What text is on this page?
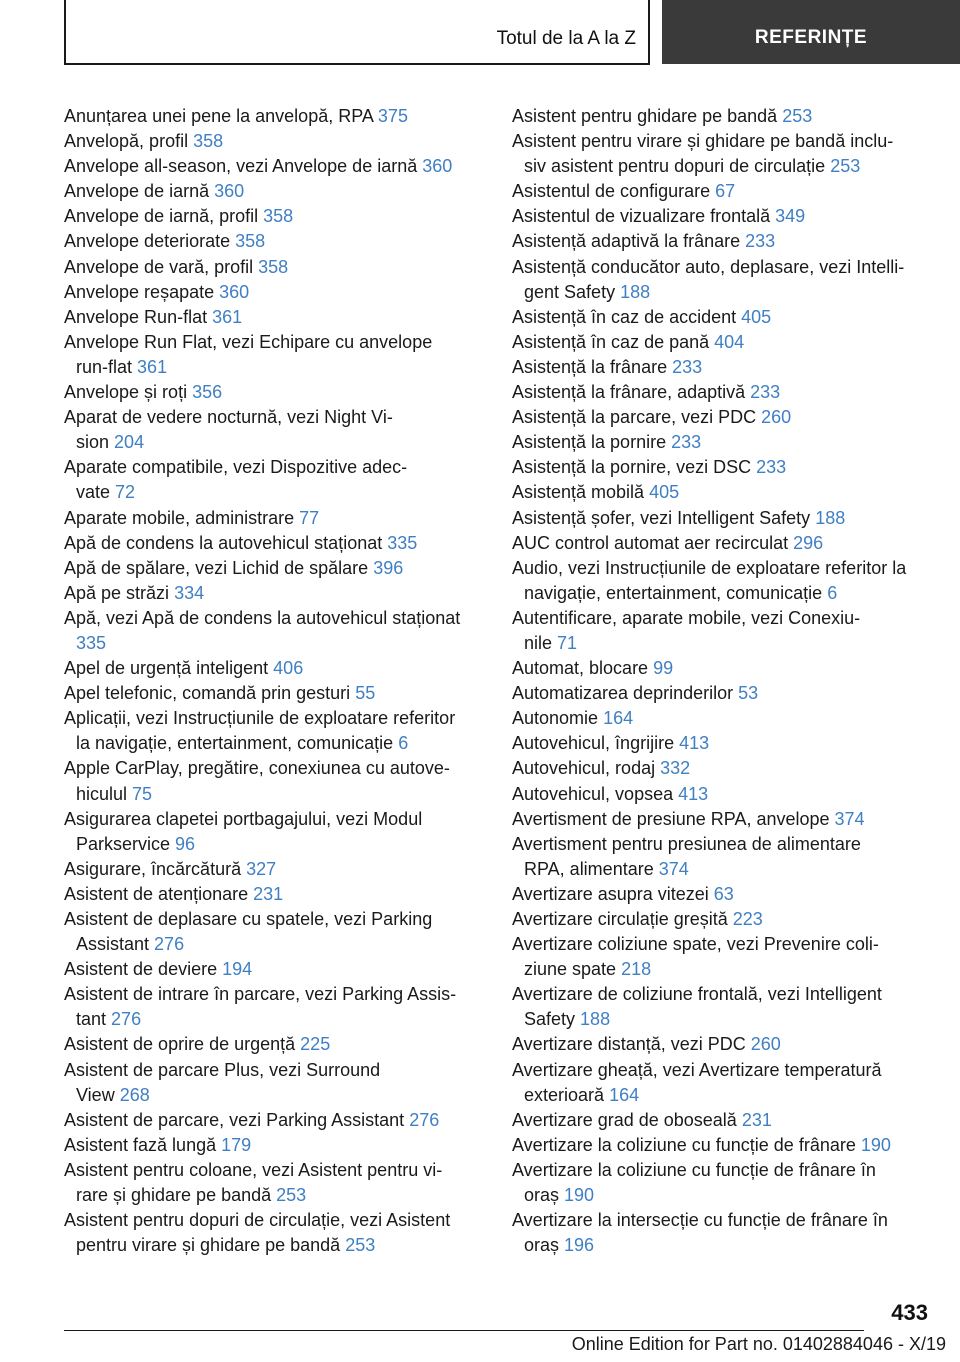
Totul de la A la Z	REFERINȚE
Anunțarea unei pene la anvelopă, RPA 375
Anvelopă, profil 358
Anvelope all-season, vezi Anvelope de iarnă 360
Anvelope de iarnă 360
Anvelope de iarnă, profil 358
Anvelope deteriorate 358
Anvelope de vară, profil 358
Anvelope reșapate 360
Anvelope Run-flat 361
Anvelope Run Flat, vezi Echipare cu anvelope
run-flat 361
Anvelope și roți 356
Aparat de vedere nocturnă, vezi Night Vi-
sion 204
Aparate compatibile, vezi Dispozitive adec-
vate 72
Aparate mobile, administrare 77
Apă de condens la autovehicul staționat 335
Apă de spălare, vezi Lichid de spălare 396
Apă pe străzi 334
Apă, vezi Apă de condens la autovehicul staționat 335
Apel de urgență inteligent 406
Apel telefonic, comandă prin gesturi 55
Aplicații, vezi Instrucțiunile de exploatare referitor
la navigație, entertainment, comunicație 6
Apple CarPlay, pregătire, conexiunea cu autove-
hiculul 75
Asigurarea clapetei portbagajului, vezi Modul
Parkservice 96
Asigurare, încărcătură 327
Asistent de atenționare 231
Asistent de deplasare cu spatele, vezi Parking
Assistant 276
Asistent de deviere 194
Asistent de intrare în parcare, vezi Parking Assis-
tant 276
Asistent de oprire de urgență 225
Asistent de parcare Plus, vezi Surround
View 268
Asistent de parcare, vezi Parking Assistant 276
Asistent fază lungă 179
Asistent pentru coloane, vezi Asistent pentru vi-
rare și ghidare pe bandă 253
Asistent pentru dopuri de circulație, vezi Asistent
pentru virare și ghidare pe bandă 253
Asistent pentru ghidare pe bandă 253
Asistent pentru virare și ghidare pe bandă inclu-
siv asistent pentru dopuri de circulație 253
Asistentul de configurare 67
Asistentul de vizualizare frontală 349
Asistență adaptivă la frânare 233
Asistență conducător auto, deplasare, vezi Intelli-
gent Safety 188
Asistență în caz de accident 405
Asistență în caz de pană 404
Asistență la frânare 233
Asistență la frânare, adaptivă 233
Asistență la parcare, vezi PDC 260
Asistență la pornire 233
Asistență la pornire, vezi DSC 233
Asistență mobilă 405
Asistență șofer, vezi Intelligent Safety 188
AUC control automat aer recirculat 296
Audio, vezi Instrucțiunile de exploatare referitor la
navigație, entertainment, comunicație 6
Autentificare, aparate mobile, vezi Conexiu-
nile 71
Automat, blocare 99
Automatizarea deprinderilor 53
Autonomie 164
Autovehicul, îngrijire 413
Autovehicul, rodaj 332
Autovehicul, vopsea 413
Avertisment de presiune RPA, anvelope 374
Avertisment pentru presiunea de alimentare
RPA, alimentare 374
Avertizare asupra vitezei 63
Avertizare circulație greșită 223
Avertizare coliziune spate, vezi Prevenire coli-
ziune spate 218
Avertizare de coliziune frontală, vezi Intelligent
Safety 188
Avertizare distanță, vezi PDC 260
Avertizare gheață, vezi Avertizare temperatură
exterioară 164
Avertizare grad de oboseală 231
Avertizare la coliziune cu funcție de frânare 190
Avertizare la coliziune cu funcție de frânare în
oraș 190
Avertizare la intersecție cu funcție de frânare în
oraș 196
433
Online Edition for Part no. 01402884046 - X/19
